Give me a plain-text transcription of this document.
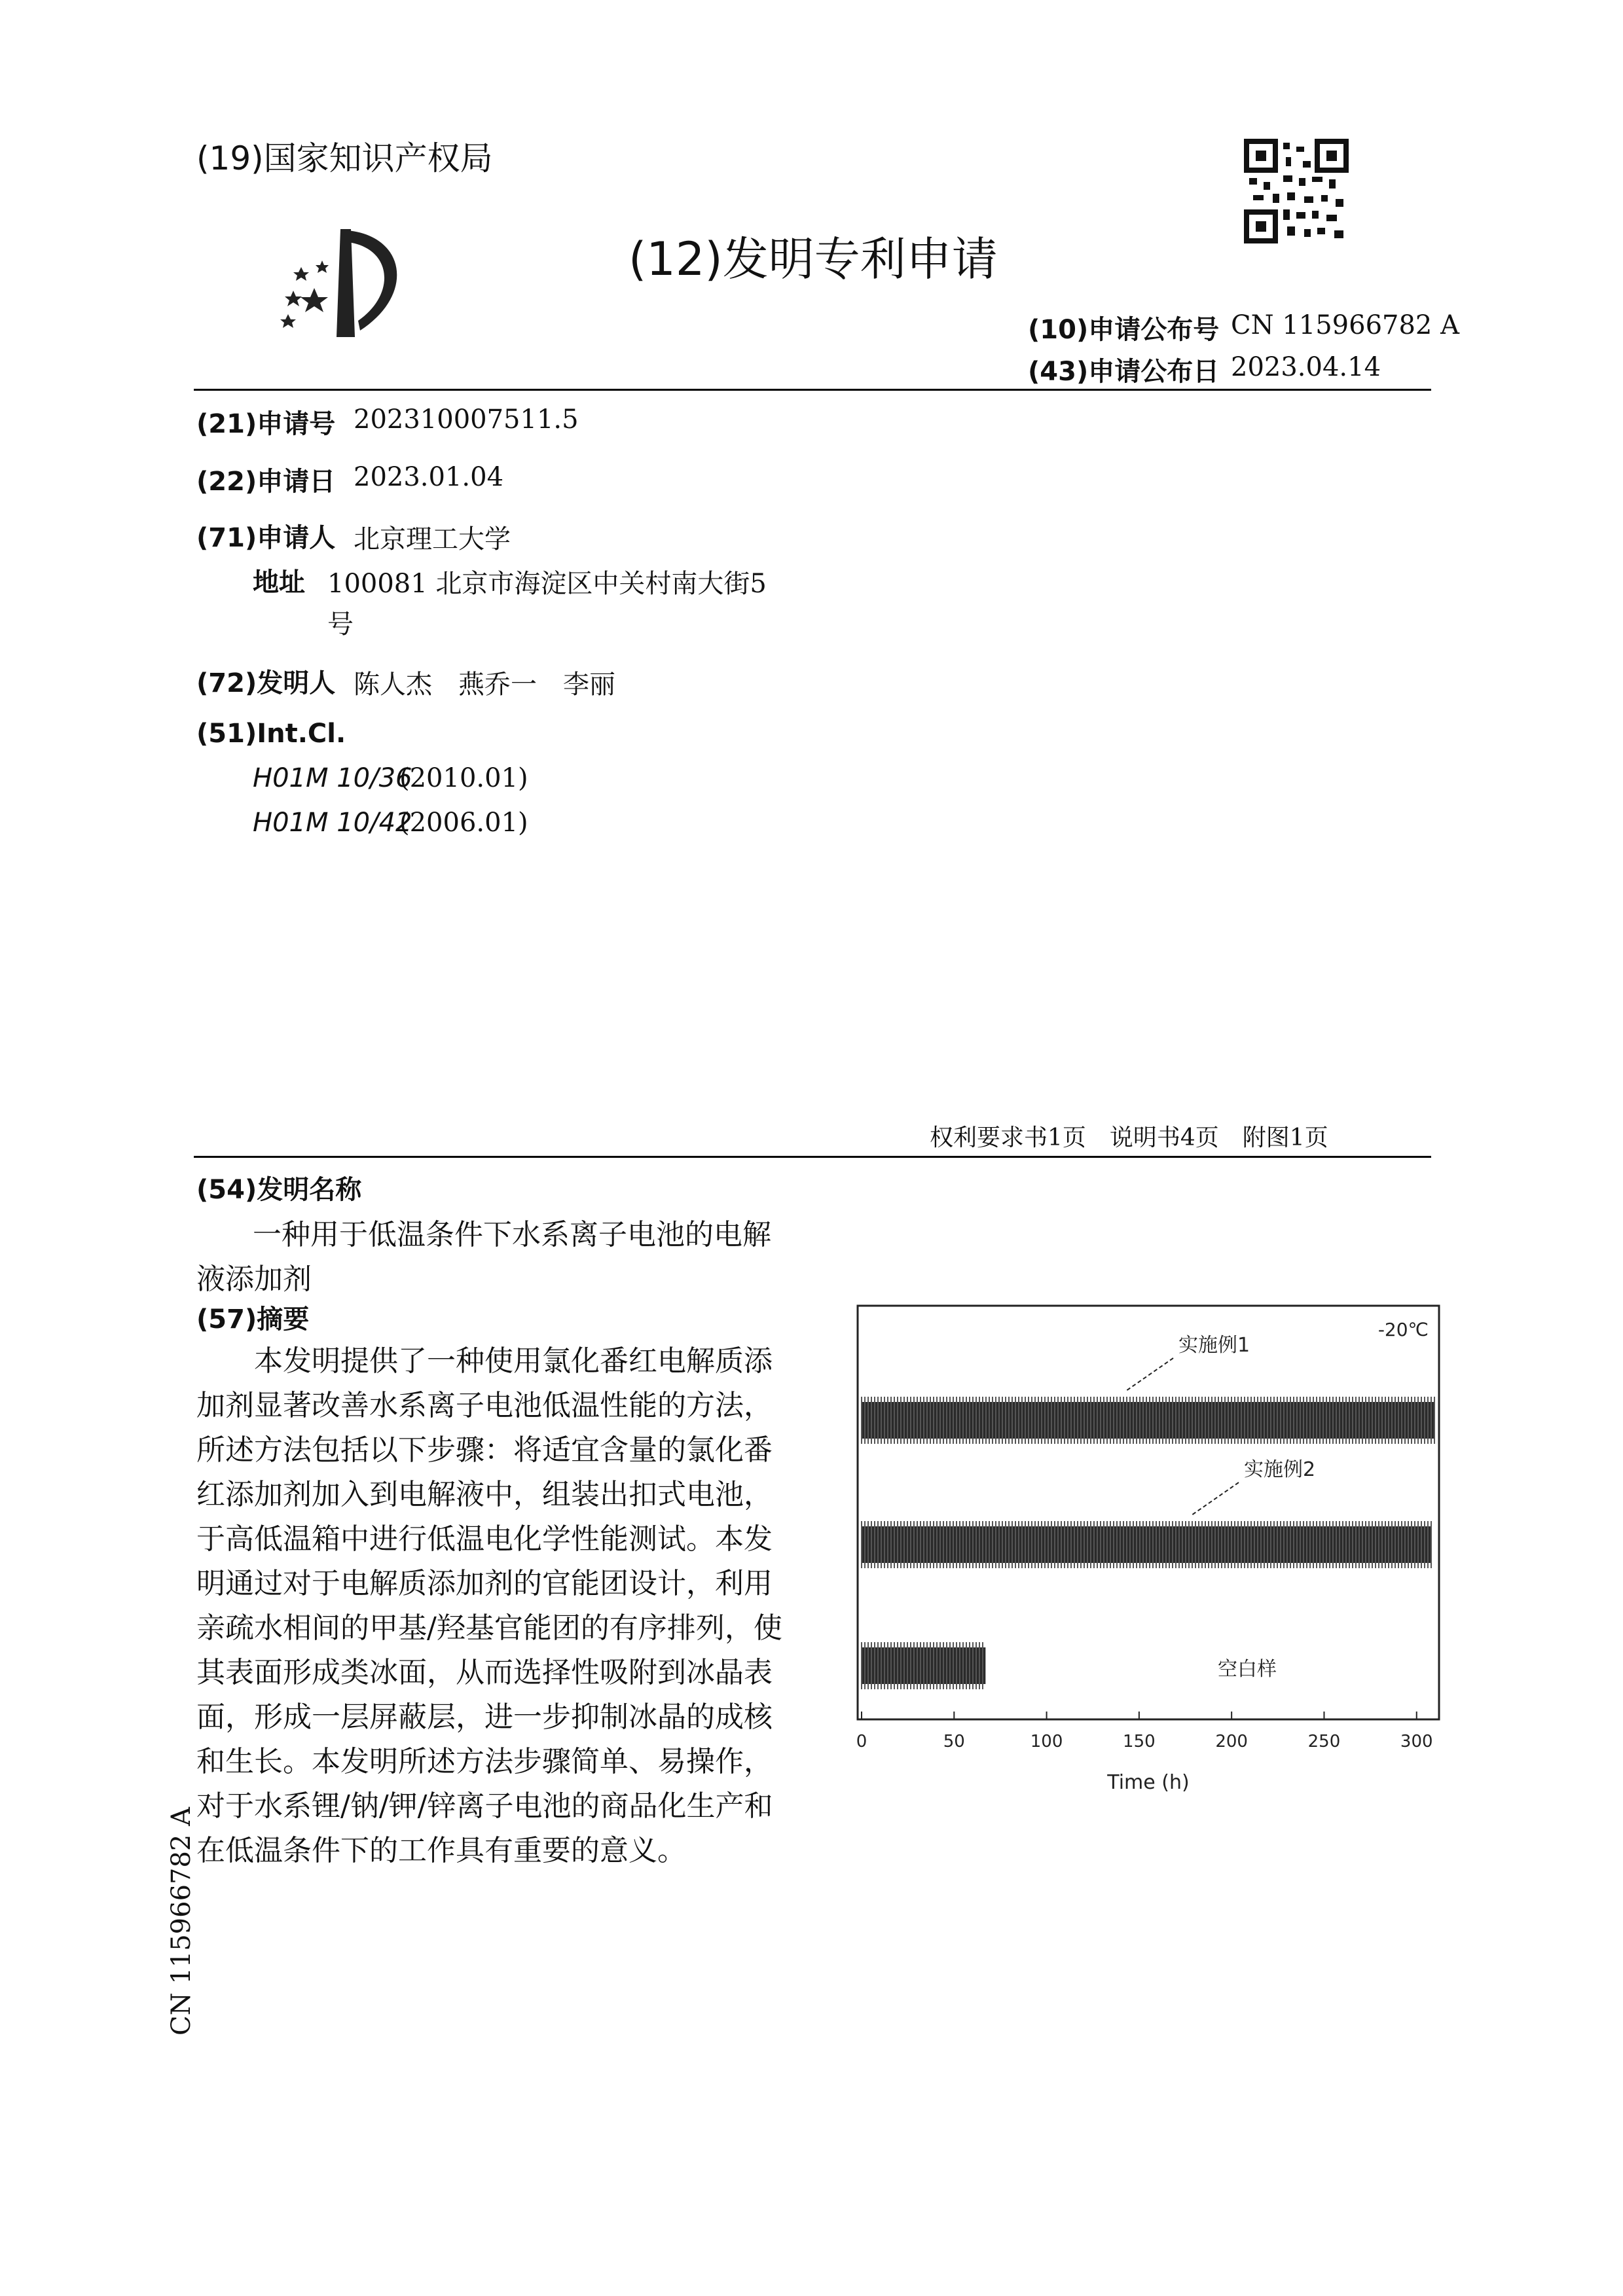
(19)国家知识产权局
(12)发明专利申请
(10)申请公布号 CN 115966782 A
(43)申请公布日 2023.04.14
(21)申请号 202310007511.5
(22)申请日 2023.01.04
(71)申请人 北京理工大学
地址 100081 北京市海淀区中关村南大街5
号
(72)发明人 陈人杰　燕乔一　李丽
(51)Int.Cl.
H01M 10/36
(2010.01)
H01M 10/42
(2006.01)
权利要求书1页　说明书4页　附图1页
(54)发明名称
一种用于低温条件下水系离子电池的电解
液添加剂
(57)摘要
本发明提供了一种使用氯化番红电解质添加剂显著改善水系离子电池低温性能的方法，所述方法包括以下步骤：将适宜含量的氯化番红添加剂加入到电解液中，组装出扣式电池，于高低温箱中进行低温电化学性能测试。本发明通过对于电解质添加剂的官能团设计，利用亲疏水相间的甲基/羟基官能团的有序排列，使其表面形成类冰面，从而选择性吸附到冰晶表面，形成一层屏蔽层，进一步抑制冰晶的成核和生长。本发明所述方法步骤简单、易操作，对于水系锂/钠/钾/锌离子电池的商品化生产和在低温条件下的工作具有重要的意义。
-20℃
Time (h)
实施例1
实施例2
空白样
0	50	100	150	200	250	300
CN 115966782 A
